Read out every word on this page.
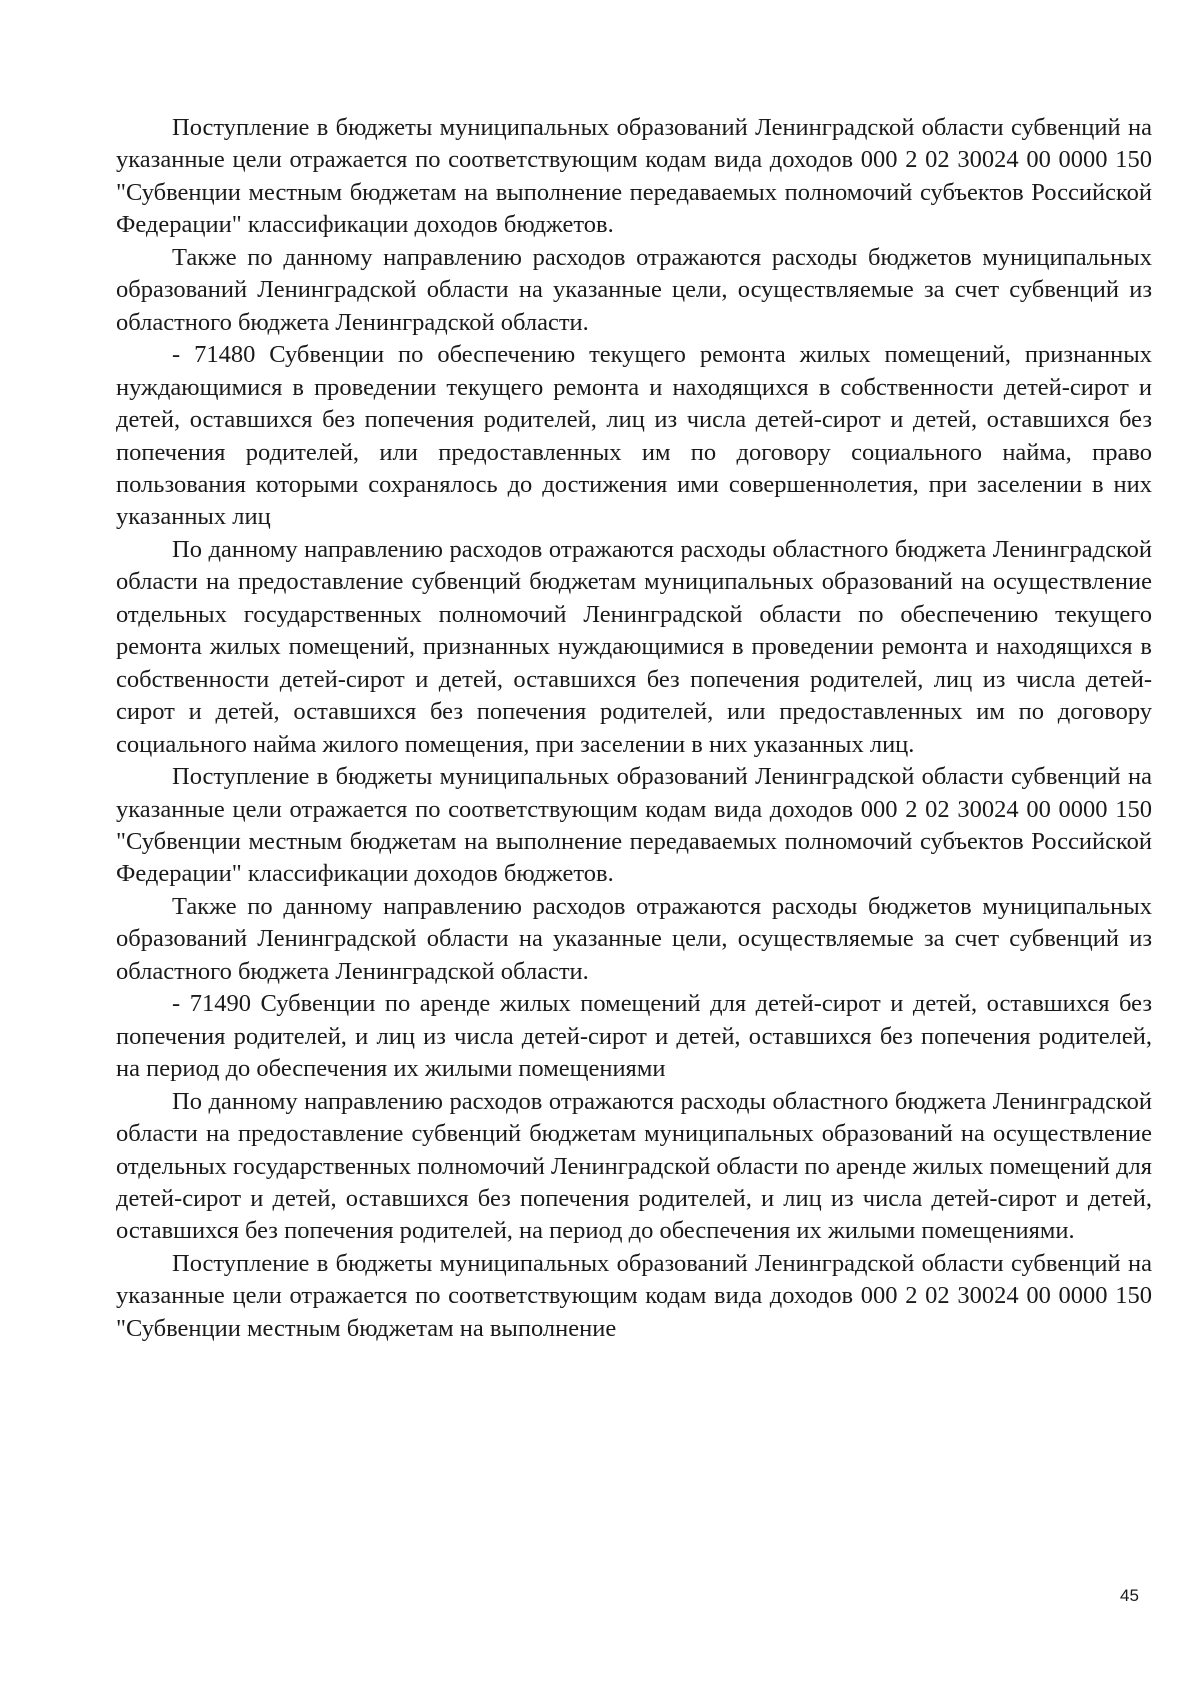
Поступление в бюджеты муниципальных образований Ленинградской области субвенций на указанные цели отражается по соответствующим кодам вида доходов 000 2 02 30024 00 0000 150 "Субвенции местным бюджетам на выполнение передаваемых полномочий субъектов Российской Федерации" классификации доходов бюджетов.

Также по данному направлению расходов отражаются расходы бюджетов муниципальных образований Ленинградской области на указанные цели, осуществляемые за счет субвенций из областного бюджета Ленинградской области.

- 71480 Субвенции по обеспечению текущего ремонта жилых помещений, признанных нуждающимися в проведении текущего ремонта и находящихся в собственности детей-сирот и детей, оставшихся без попечения родителей, лиц из числа детей-сирот и детей, оставшихся без попечения родителей, или предоставленных им по договору социального найма, право пользования которыми сохранялось до достижения ими совершеннолетия, при заселении в них указанных лиц

По данному направлению расходов отражаются расходы областного бюджета Ленинградской области на предоставление субвенций бюджетам муниципальных образований на осуществление отдельных государственных полномочий Ленинградской области по обеспечению текущего ремонта жилых помещений, признанных нуждающимися в проведении ремонта и находящихся в собственности детей-сирот и детей, оставшихся без попечения родителей, лиц из числа детей-сирот и детей, оставшихся без попечения родителей, или предоставленных им по договору социального найма жилого помещения, при заселении в них указанных лиц.

Поступление в бюджеты муниципальных образований Ленинградской области субвенций на указанные цели отражается по соответствующим кодам вида доходов 000 2 02 30024 00 0000 150 "Субвенции местным бюджетам на выполнение передаваемых полномочий субъектов Российской Федерации" классификации доходов бюджетов.

Также по данному направлению расходов отражаются расходы бюджетов муниципальных образований Ленинградской области на указанные цели, осуществляемые за счет субвенций из областного бюджета Ленинградской области.

- 71490 Субвенции по аренде жилых помещений для детей-сирот и детей, оставшихся без попечения родителей, и лиц из числа детей-сирот и детей, оставшихся без попечения родителей, на период до обеспечения их жилыми помещениями

По данному направлению расходов отражаются расходы областного бюджета Ленинградской области на предоставление субвенций бюджетам муниципальных образований на осуществление отдельных государственных полномочий Ленинградской области по аренде жилых помещений для детей-сирот и детей, оставшихся без попечения родителей, и лиц из числа детей-сирот и детей, оставшихся без попечения родителей, на период до обеспечения их жилыми помещениями.

Поступление в бюджеты муниципальных образований Ленинградской области субвенций на указанные цели отражается по соответствующим кодам вида доходов 000 2 02 30024 00 0000 150 "Субвенции местным бюджетам на выполнение

45
